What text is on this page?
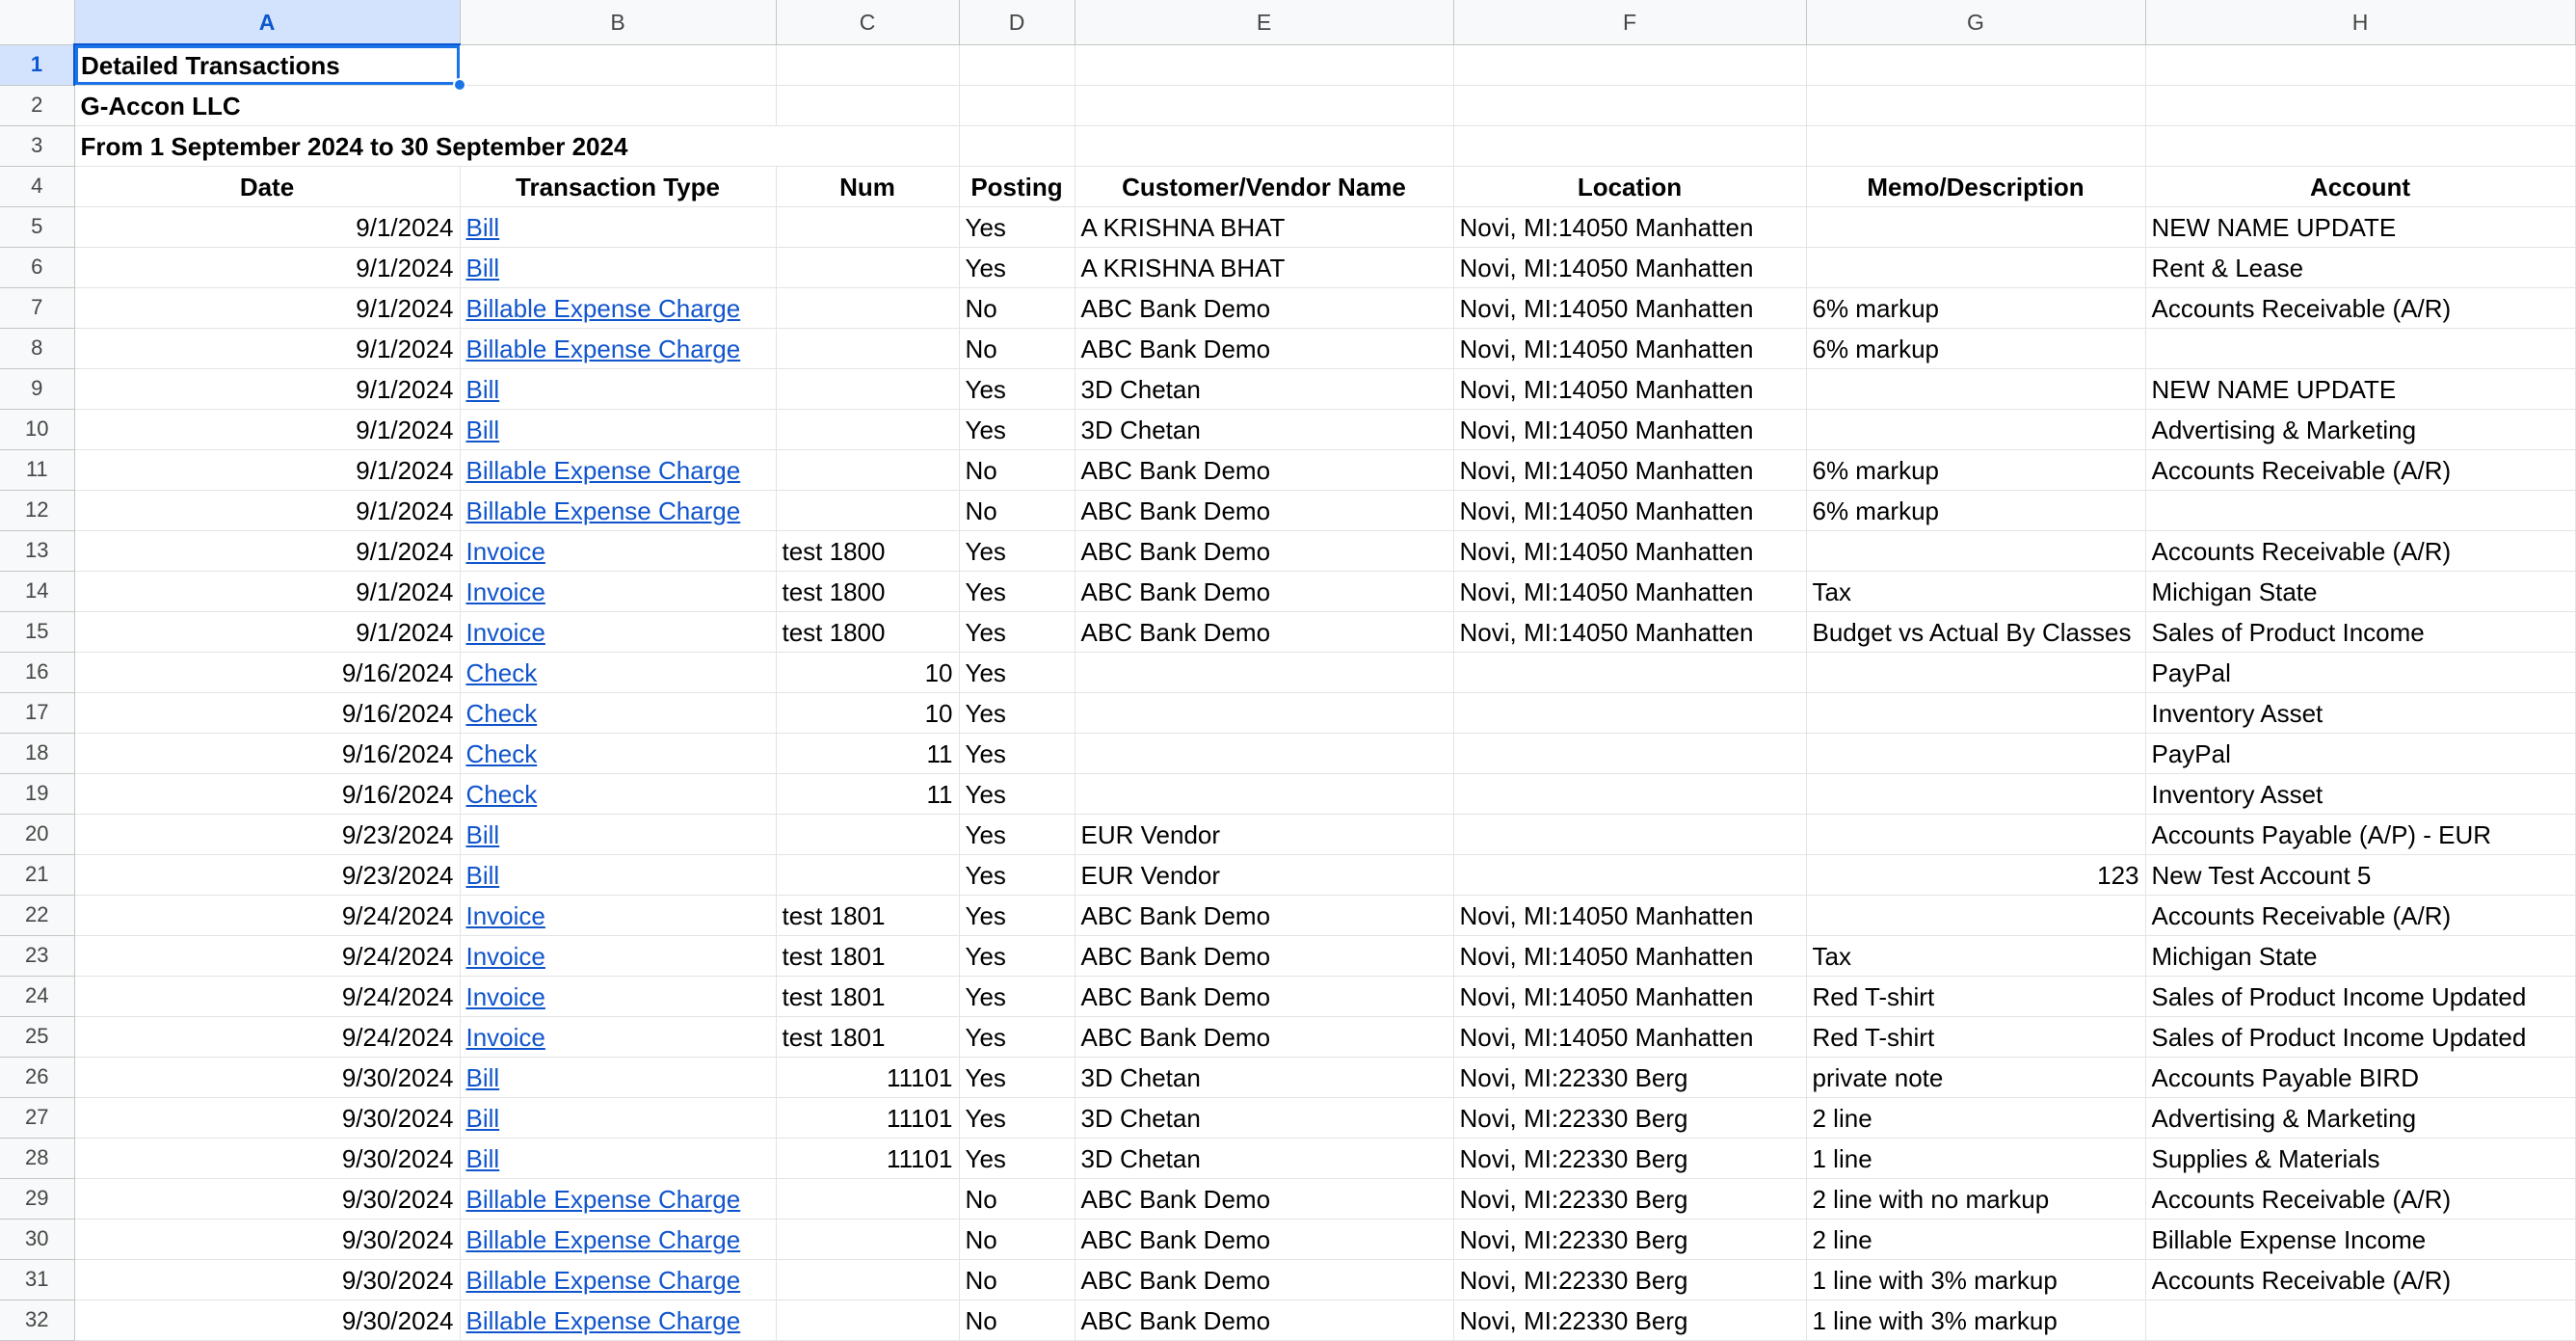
	A	B	C	D	E	F	G	H
1	Detailed Transactions							
2	G-Accon LLC							
3	From 1 September 2024 to 30 September 2024							
4	Date	Transaction Type	Num	Posting	Customer/Vendor Name	Location	Memo/Description	Account
5	9/1/2024	Bill		Yes	A KRISHNA BHAT	Novi, MI:14050 Manhatten		NEW NAME UPDATE
6	9/1/2024	Bill		Yes	A KRISHNA BHAT	Novi, MI:14050 Manhatten		Rent & Lease
7	9/1/2024	Billable Expense Charge		No	ABC Bank Demo	Novi, MI:14050 Manhatten	6% markup	Accounts Receivable (A/R)
8	9/1/2024	Billable Expense Charge		No	ABC Bank Demo	Novi, MI:14050 Manhatten	6% markup	
9	9/1/2024	Bill		Yes	3D Chetan	Novi, MI:14050 Manhatten		NEW NAME UPDATE
10	9/1/2024	Bill		Yes	3D Chetan	Novi, MI:14050 Manhatten		Advertising & Marketing
11	9/1/2024	Billable Expense Charge		No	ABC Bank Demo	Novi, MI:14050 Manhatten	6% markup	Accounts Receivable (A/R)
12	9/1/2024	Billable Expense Charge		No	ABC Bank Demo	Novi, MI:14050 Manhatten	6% markup	
13	9/1/2024	Invoice	test 1800	Yes	ABC Bank Demo	Novi, MI:14050 Manhatten		Accounts Receivable (A/R)
14	9/1/2024	Invoice	test 1800	Yes	ABC Bank Demo	Novi, MI:14050 Manhatten	Tax	Michigan State
15	9/1/2024	Invoice	test 1800	Yes	ABC Bank Demo	Novi, MI:14050 Manhatten	Budget vs Actual By Classes	Sales of Product Income
16	9/16/2024	Check	10	Yes				PayPal
17	9/16/2024	Check	10	Yes				Inventory Asset
18	9/16/2024	Check	11	Yes				PayPal
19	9/16/2024	Check	11	Yes				Inventory Asset
20	9/23/2024	Bill		Yes	EUR Vendor			Accounts Payable (A/P) - EUR
21	9/23/2024	Bill		Yes	EUR Vendor		123	New Test Account 5
22	9/24/2024	Invoice	test 1801	Yes	ABC Bank Demo	Novi, MI:14050 Manhatten		Accounts Receivable (A/R)
23	9/24/2024	Invoice	test 1801	Yes	ABC Bank Demo	Novi, MI:14050 Manhatten	Tax	Michigan State
24	9/24/2024	Invoice	test 1801	Yes	ABC Bank Demo	Novi, MI:14050 Manhatten	Red T-shirt	Sales of Product Income Updated
25	9/24/2024	Invoice	test 1801	Yes	ABC Bank Demo	Novi, MI:14050 Manhatten	Red T-shirt	Sales of Product Income Updated
26	9/30/2024	Bill	11101	Yes	3D Chetan	Novi, MI:22330 Berg	private note	Accounts Payable BIRD
27	9/30/2024	Bill	11101	Yes	3D Chetan	Novi, MI:22330 Berg	2 line	Advertising & Marketing
28	9/30/2024	Bill	11101	Yes	3D Chetan	Novi, MI:22330 Berg	1 line	Supplies & Materials
29	9/30/2024	Billable Expense Charge		No	ABC Bank Demo	Novi, MI:22330 Berg	2 line with no markup	Accounts Receivable (A/R)
30	9/30/2024	Billable Expense Charge		No	ABC Bank Demo	Novi, MI:22330 Berg	2 line	Billable Expense Income
31	9/30/2024	Billable Expense Charge		No	ABC Bank Demo	Novi, MI:22330 Berg	1 line with 3% markup	Accounts Receivable (A/R)
32	9/30/2024	Billable Expense Charge		No	ABC Bank Demo	Novi, MI:22330 Berg	1 line with 3% markup	
